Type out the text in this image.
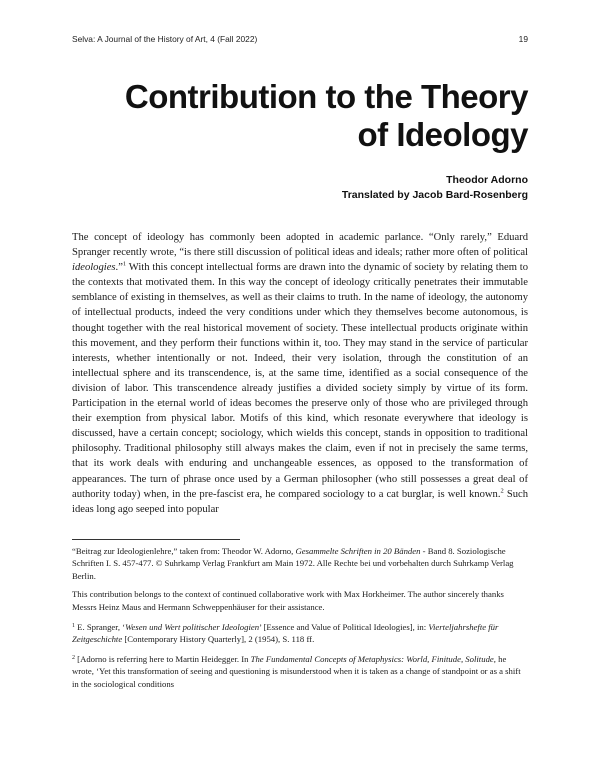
Selva: A Journal of the History of Art, 4 (Fall 2022)	19
Contribution to the Theory
of Ideology
Theodor Adorno
Translated by Jacob Bard-Rosenberg

The concept of ideology has commonly been adopted in academic parlance. “Only rarely,” Eduard Spranger recently wrote, “is there still discussion of political ideas and ideals; rather more often of political ideologies.”$^1$ With this concept intellectual forms are drawn into the dynamic of society by relating them to the contexts that motivated them. In this way the concept of ideology critically penetrates their immutable semblance of existing in themselves, as well as their claims to truth. In the name of ideology, the autonomy of intellectual products, indeed the very conditions under which they themselves become autonomous, is thought together with the real historical movement of society. These intellectual products originate within this movement, and they perform their functions within it, too. They may stand in the service of particular interests, whether intentionally or not. Indeed, their very isolation, through the constitution of an intellectual sphere and its transcendence, is, at the same time, identified as a social consequence of the division of labor. This transcendence already justifies a divided society simply by virtue of its form. Participation in the eternal world of ideas becomes the preserve only of those who are privileged through their exemption from physical labor. Motifs of this kind, which resonate everywhere that ideology is discussed, have a certain concept; sociology, which wields this concept, stands in opposition to traditional philosophy. Traditional philosophy still always makes the claim, even if not in precisely the same terms, that its work deals with enduring and unchangeable essences, as opposed to the transformation of appearances. The turn of phrase once used by a German philosopher (who still possesses a great deal of authority today) when, in the pre-fascist era, he compared sociology to a cat burglar, is well known.$^2$ Such ideas long ago seeped into popular

“Beitrag zur Ideologienlehre,” taken from: Theodor W. Adorno, Gesammelte Schriften in 20 Bänden - Band 8. Soziologische Schriften I. S. 457-477. © Suhrkamp Verlag Frankfurt am Main 1972. Alle Rechte bei und vorbehalten durch Suhrkamp Verlag Berlin.

This contribution belongs to the context of continued collaborative work with Max Horkheimer. The author sincerely thanks Messrs Heinz Maus and Hermann Schweppenhäuser for their assistance.

$^1$ E. Spranger, ‘Wesen und Wert politischer Ideologien’ [Essence and Value of Political Ideologies], in: Vierteljahrshefte für Zeitgeschichte [Contemporary History Quarterly], 2 (1954), S. 118 ff.

$^2$ [Adorno is referring here to Martin Heidegger. In The Fundamental Concepts of Metaphysics: World, Finitude, Solitude, he wrote, ‘Yet this transformation of seeing and questioning is misunderstood when it is taken as a change of standpoint or as a shift in the sociological conditions
